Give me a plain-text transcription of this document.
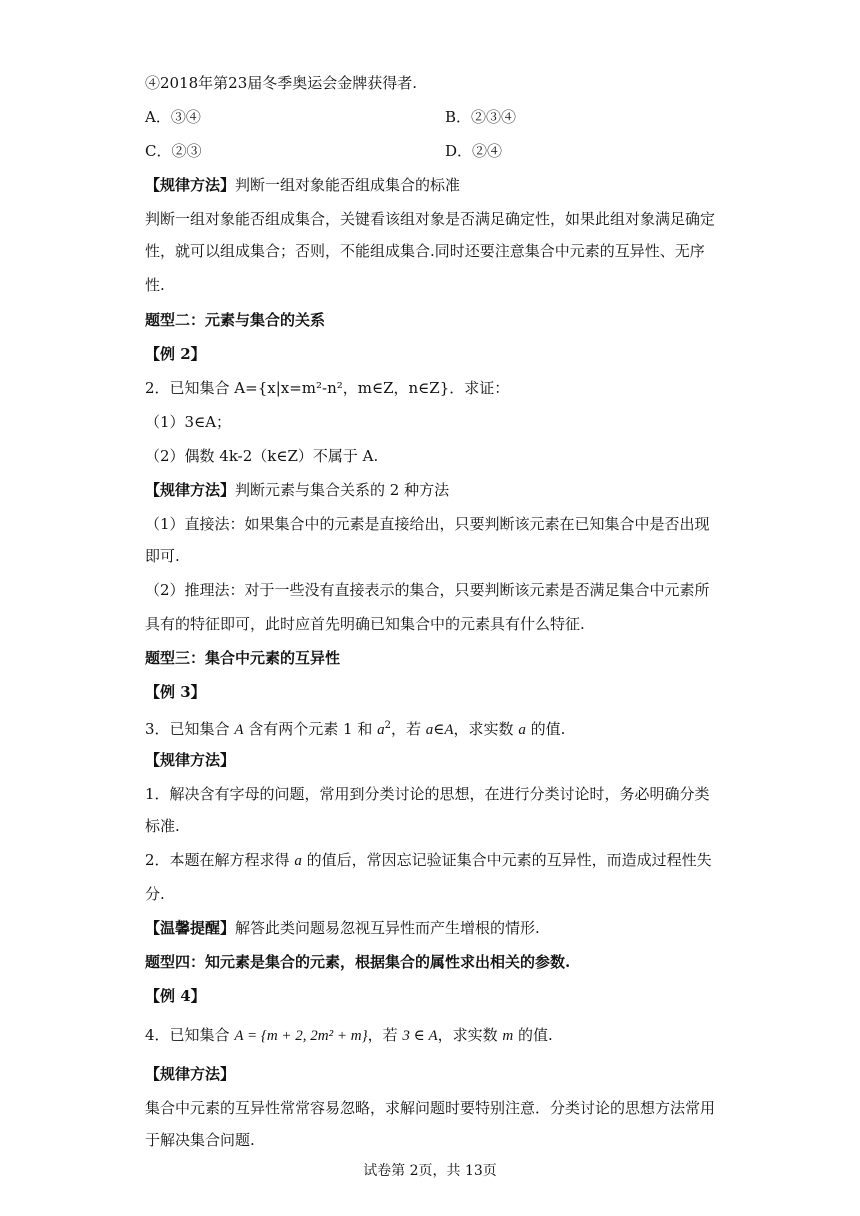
④2018年第23届冬季奥运会金牌获得者.
A．③④	B．②③④
C．②③	D．②④
【规律方法】判断一组对象能否组成集合的标准
判断一组对象能否组成集合，关键看该组对象是否满足确定性，如果此组对象满足确定
性，就可以组成集合；否则，不能组成集合.同时还要注意集合中元素的互异性、无序
性.
题型二：元素与集合的关系
【例 2】
2．已知集合 A={x|x=m²-n²，m∈Z，n∈Z}．求证：
（1）3∈A；
（2）偶数 4k-2（k∈Z）不属于 A.
【规律方法】判断元素与集合关系的 2 种方法
（1）直接法：如果集合中的元素是直接给出，只要判断该元素在已知集合中是否出现
即可.
（2）推理法：对于一些没有直接表示的集合，只要判断该元素是否满足集合中元素所
具有的特征即可，此时应首先明确已知集合中的元素具有什么特征.
题型三：集合中元素的互异性
【例 3】
3．已知集合 A 含有两个元素 1 和 $a^2$，若 a∈A，求实数 a 的值.
【规律方法】
1．解决含有字母的问题，常用到分类讨论的思想，在进行分类讨论时，务必明确分类
标准.
2．本题在解方程求得 a 的值后，常因忘记验证集合中元素的互异性，而造成过程性失
分.
【温馨提醒】解答此类问题易忽视互异性而产生增根的情形.
题型四：知元素是集合的元素，根据集合的属性求出相关的参数.
【例 4】
4．已知集合 A = {m + 2, 2m² + m}，若 3 ∈ A，求实数 m 的值.
【规律方法】
集合中元素的互异性常常容易忽略，求解问题时要特别注意．分类讨论的思想方法常用
于解决集合问题.
试卷第 2页，共 13页
